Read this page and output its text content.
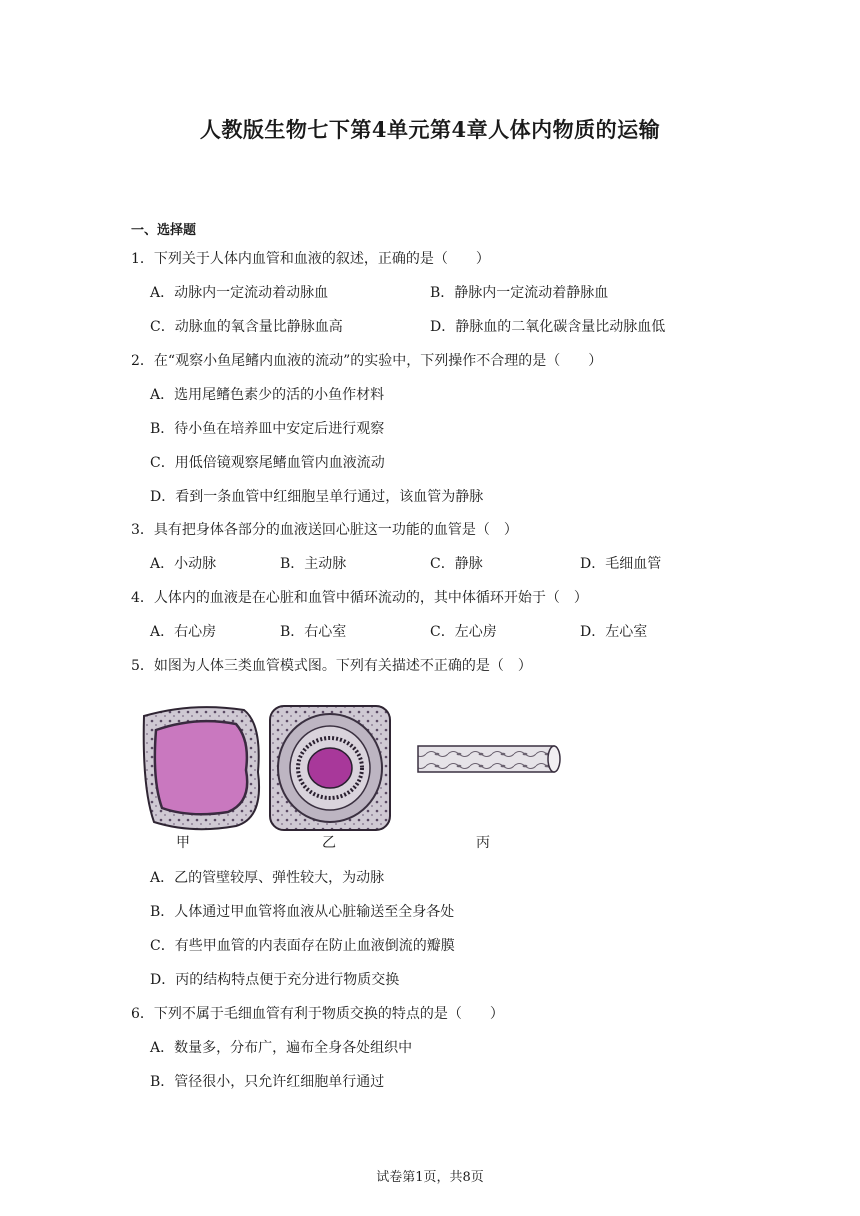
人教版生物七下第4单元第4章人体内物质的运输
一、选择题
1．下列关于人体内血管和血液的叙述，正确的是（　　）
A．动脉内一定流动着动脉血	B．静脉内一定流动着静脉血
C．动脉血的氧含量比静脉血高	D．静脉血的二氧化碳含量比动脉血低
2．在“观察小鱼尾鳍内血液的流动”的实验中，下列操作不合理的是（　　）
A．选用尾鳍色素少的活的小鱼作材料
B．待小鱼在培养皿中安定后进行观察
C．用低倍镜观察尾鳍血管内血液流动
D．看到一条血管中红细胞呈单行通过，该血管为静脉
3．具有把身体各部分的血液送回心脏这一功能的血管是（　）
A．小动脉	B．主动脉	C．静脉	D．毛细血管
4．人体内的血液是在心脏和血管中循环流动的，其中体循环开始于（　）
A．右心房	B．右心室	C．左心房	D．左心室
5．如图为人体三类血管模式图。下列有关描述不正确的是（　）
甲	乙	丙
A．乙的管壁较厚、弹性较大，为动脉
B．人体通过甲血管将血液从心脏输送至全身各处
C．有些甲血管的内表面存在防止血液倒流的瓣膜
D．丙的结构特点便于充分进行物质交换
6．下列不属于毛细血管有利于物质交换的特点的是（　　）
A．数量多，分布广，遍布全身各处组织中
B．管径很小，只允许红细胞单行通过
试卷第1页，共8页
